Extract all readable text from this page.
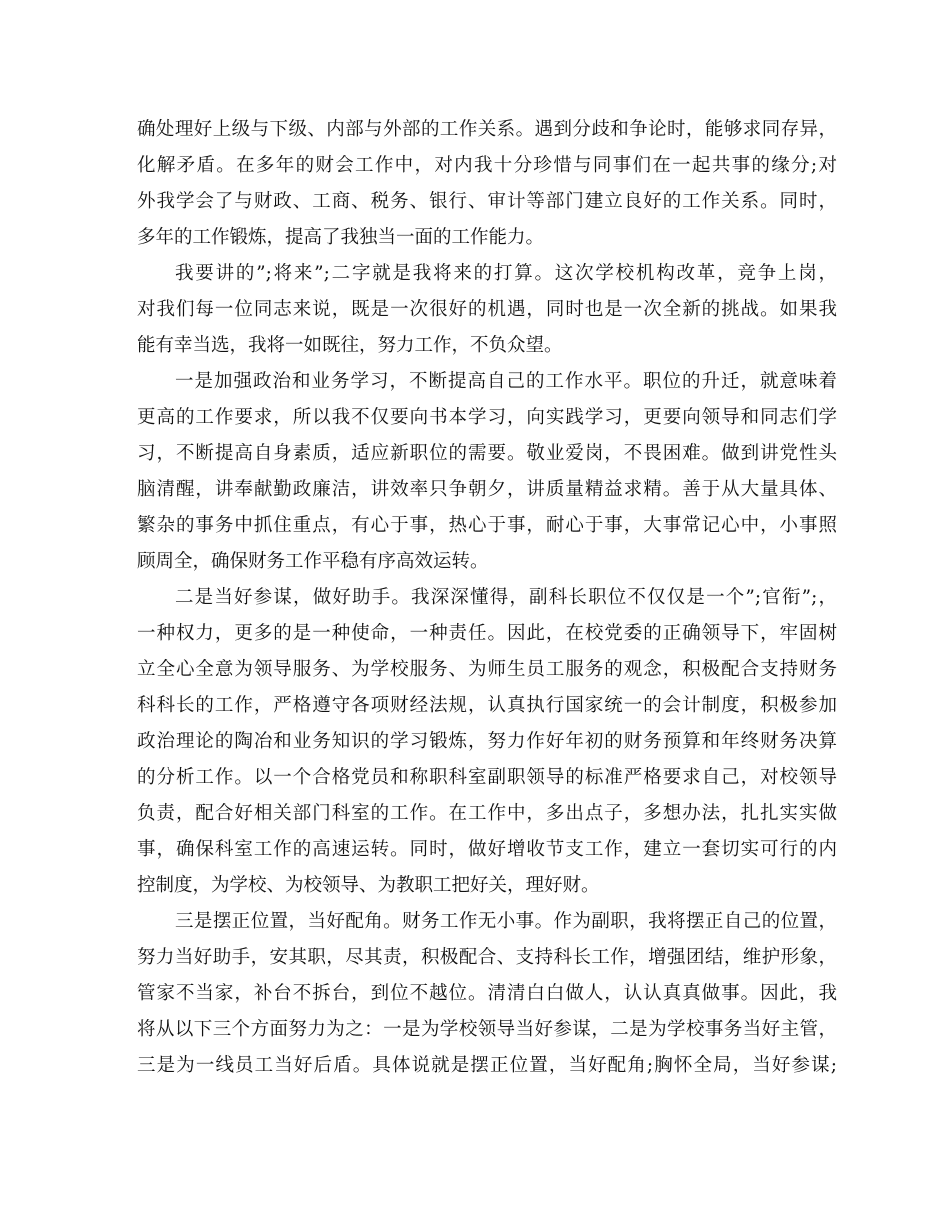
确处理好上级与下级、内部与外部的工作关系。遇到分歧和争论时，能够求同存异，
化解矛盾。在多年的财会工作中，对内我十分珍惜与同事们在一起共事的缘分;对
外我学会了与财政、工商、税务、银行、审计等部门建立良好的工作关系。同时，
多年的工作锻炼，提高了我独当一面的工作能力。
我要讲的”;将来”;二字就是我将来的打算。这次学校机构改革，竞争上岗，
对我们每一位同志来说，既是一次很好的机遇，同时也是一次全新的挑战。如果我
能有幸当选，我将一如既往，努力工作，不负众望。
一是加强政治和业务学习，不断提高自己的工作水平。职位的升迁，就意味着
更高的工作要求，所以我不仅要向书本学习，向实践学习，更要向领导和同志们学
习，不断提高自身素质，适应新职位的需要。敬业爱岗，不畏困难。做到讲党性头
脑清醒，讲奉献勤政廉洁，讲效率只争朝夕，讲质量精益求精。善于从大量具体、
繁杂的事务中抓住重点，有心于事，热心于事，耐心于事，大事常记心中，小事照
顾周全，确保财务工作平稳有序高效运转。
二是当好参谋，做好助手。我深深懂得，副科长职位不仅仅是一个”;官衔”;，
一种权力，更多的是一种使命，一种责任。因此，在校党委的正确领导下，牢固树
立全心全意为领导服务、为学校服务、为师生员工服务的观念，积极配合支持财务
科科长的工作，严格遵守各项财经法规，认真执行国家统一的会计制度，积极参加
政治理论的陶冶和业务知识的学习锻炼，努力作好年初的财务预算和年终财务决算
的分析工作。以一个合格党员和称职科室副职领导的标准严格要求自己，对校领导
负责，配合好相关部门科室的工作。在工作中，多出点子，多想办法，扎扎实实做
事，确保科室工作的高速运转。同时，做好增收节支工作，建立一套切实可行的内
控制度，为学校、为校领导、为教职工把好关，理好财。
三是摆正位置，当好配角。财务工作无小事。作为副职，我将摆正自己的位置，
努力当好助手，安其职，尽其责，积极配合、支持科长工作，增强团结，维护形象，
管家不当家，补台不拆台，到位不越位。清清白白做人，认认真真做事。因此，我
将从以下三个方面努力为之：一是为学校领导当好参谋，二是为学校事务当好主管，
三是为一线员工当好后盾。具体说就是摆正位置，当好配角;胸怀全局，当好参谋;
